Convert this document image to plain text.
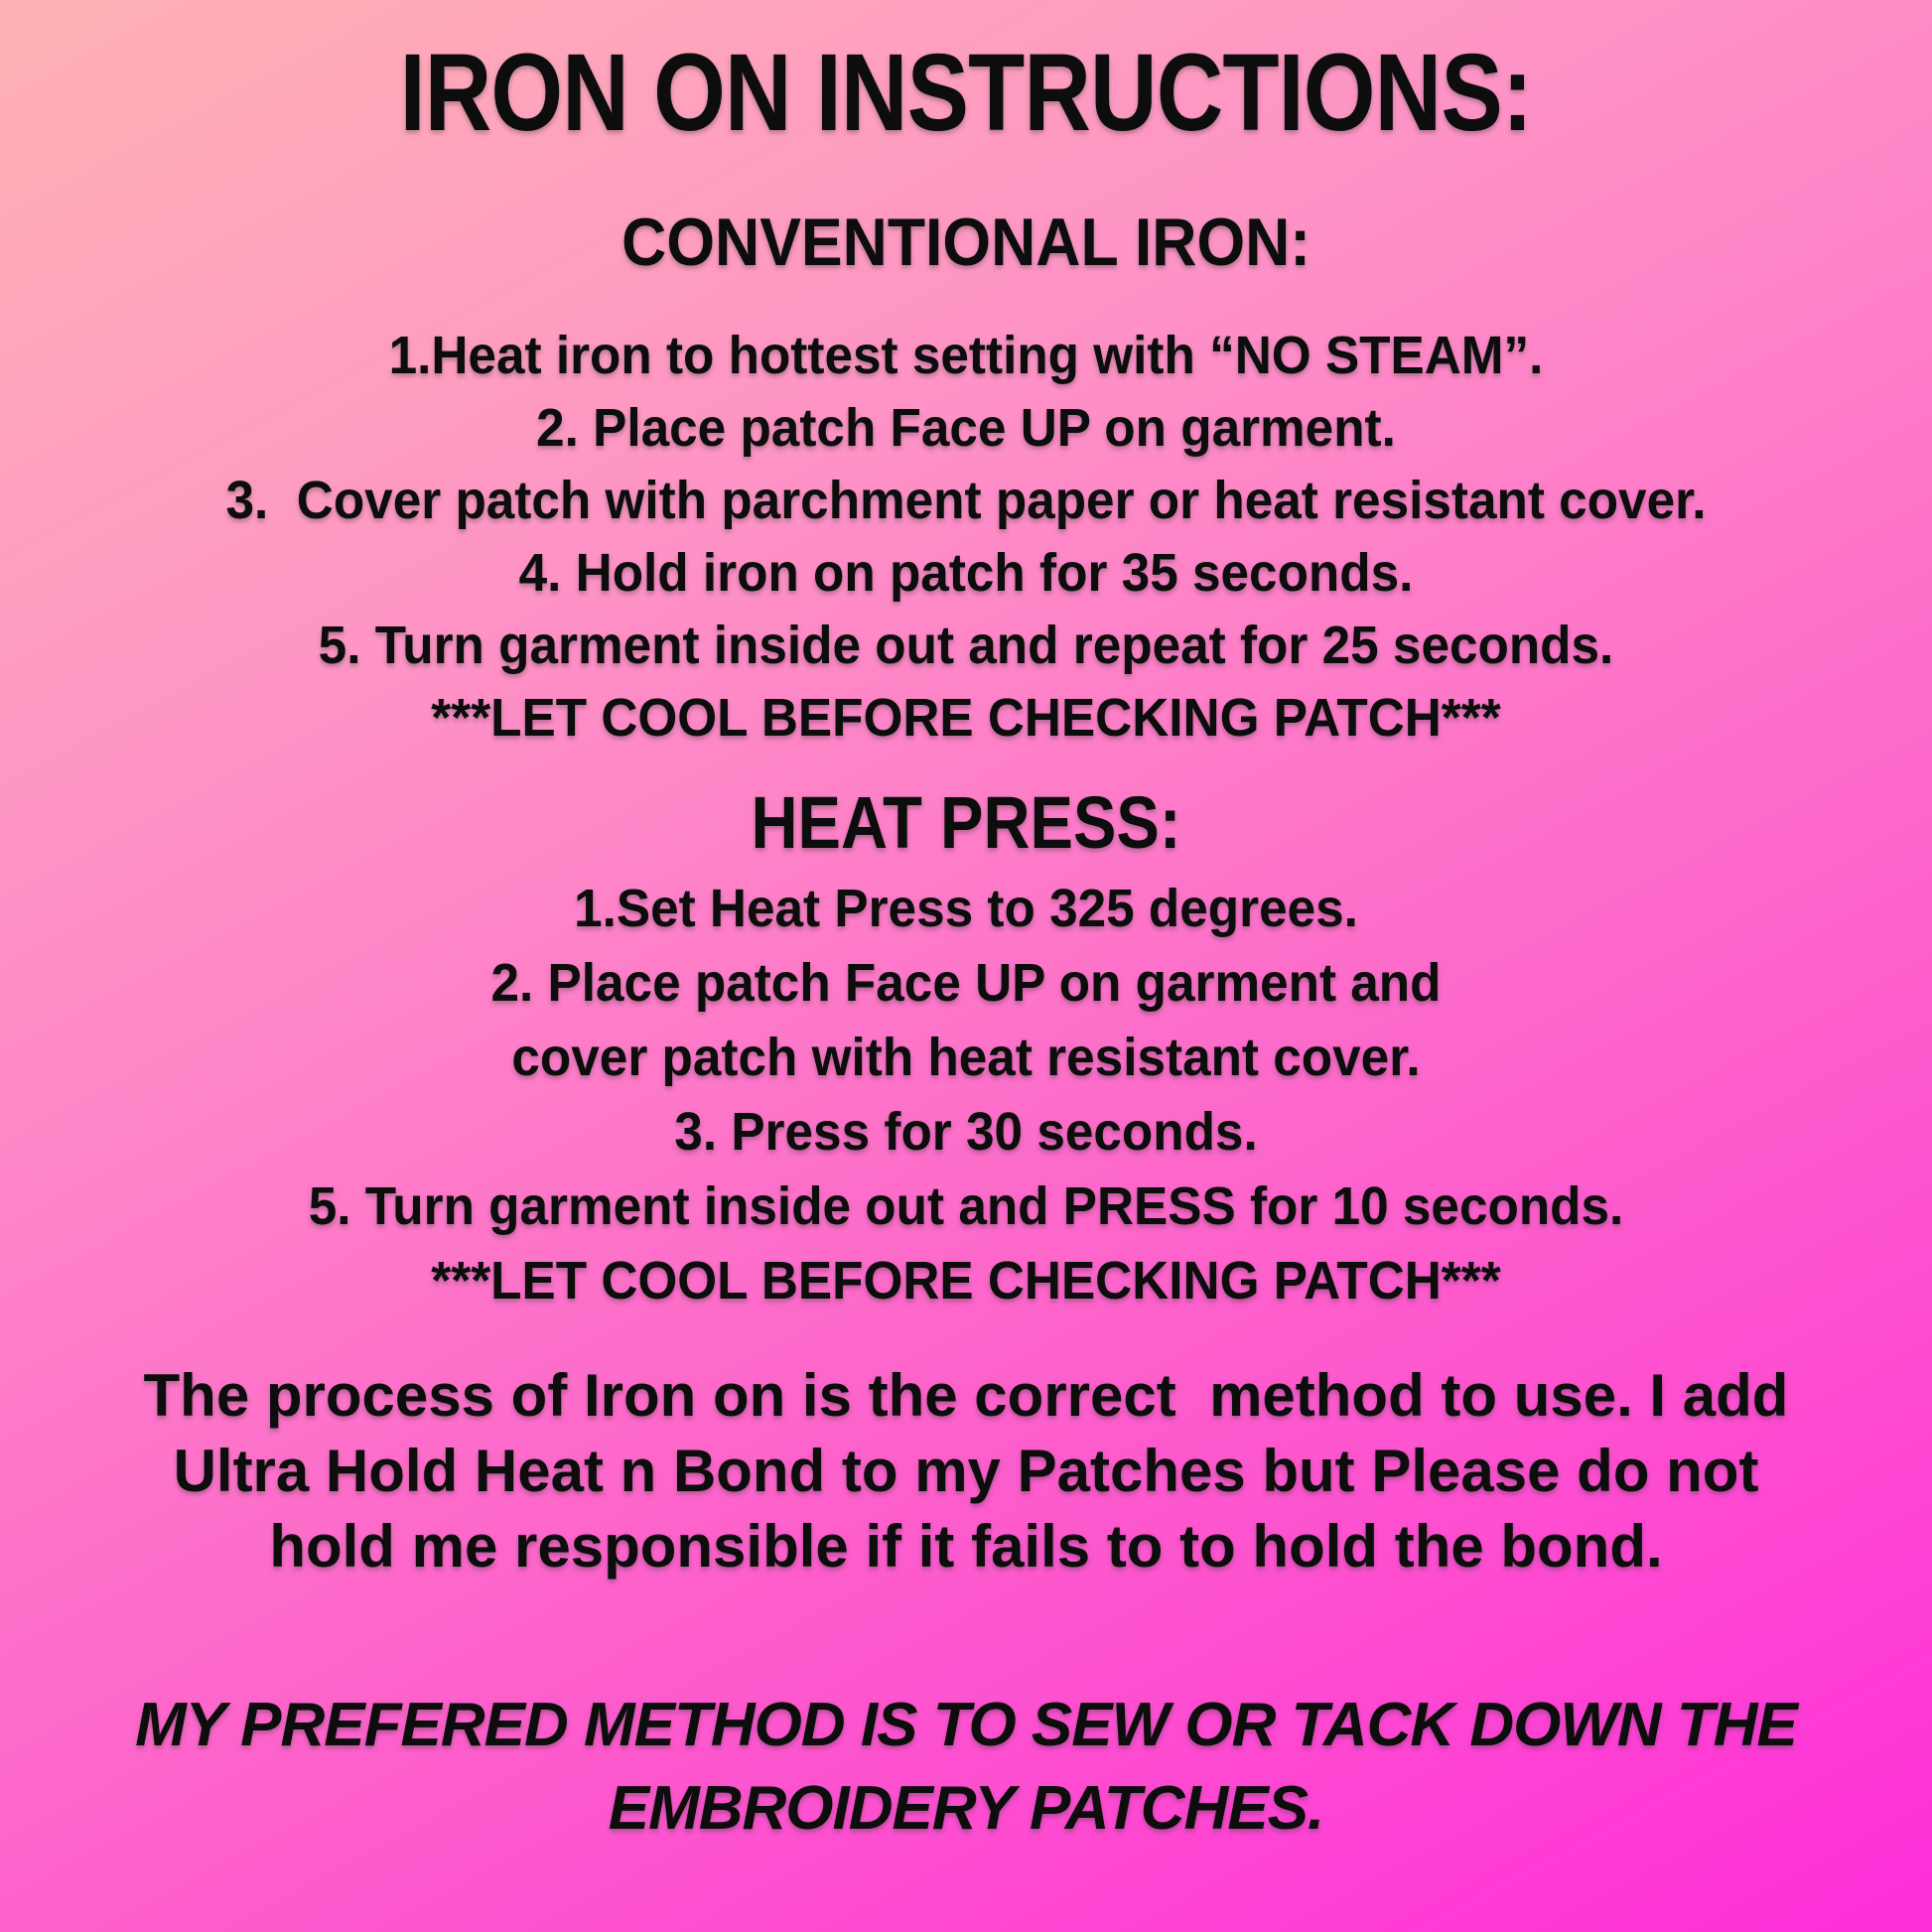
IRON ON INSTRUCTIONS:
CONVENTIONAL IRON:
1.Heat iron to hottest setting with “NO STEAM”.
2. Place patch Face UP on garment.
3.  Cover patch with parchment paper or heat resistant cover.
4. Hold iron on patch for 35 seconds.
5. Turn garment inside out and repeat for 25 seconds.
***LET COOL BEFORE CHECKING PATCH***
HEAT PRESS:
1.Set Heat Press to 325 degrees.
2. Place patch Face UP on garment and
cover patch with heat resistant cover.
3. Press for 30 seconds.
5. Turn garment inside out and PRESS for 10 seconds.
***LET COOL BEFORE CHECKING PATCH***
The process of Iron on is the correct  method to use. I add
Ultra Hold Heat n Bond to my Patches but Please do not
hold me responsible if it fails to to hold the bond.
MY PREFERED METHOD IS TO SEW OR TACK DOWN THE
EMBROIDERY PATCHES.
